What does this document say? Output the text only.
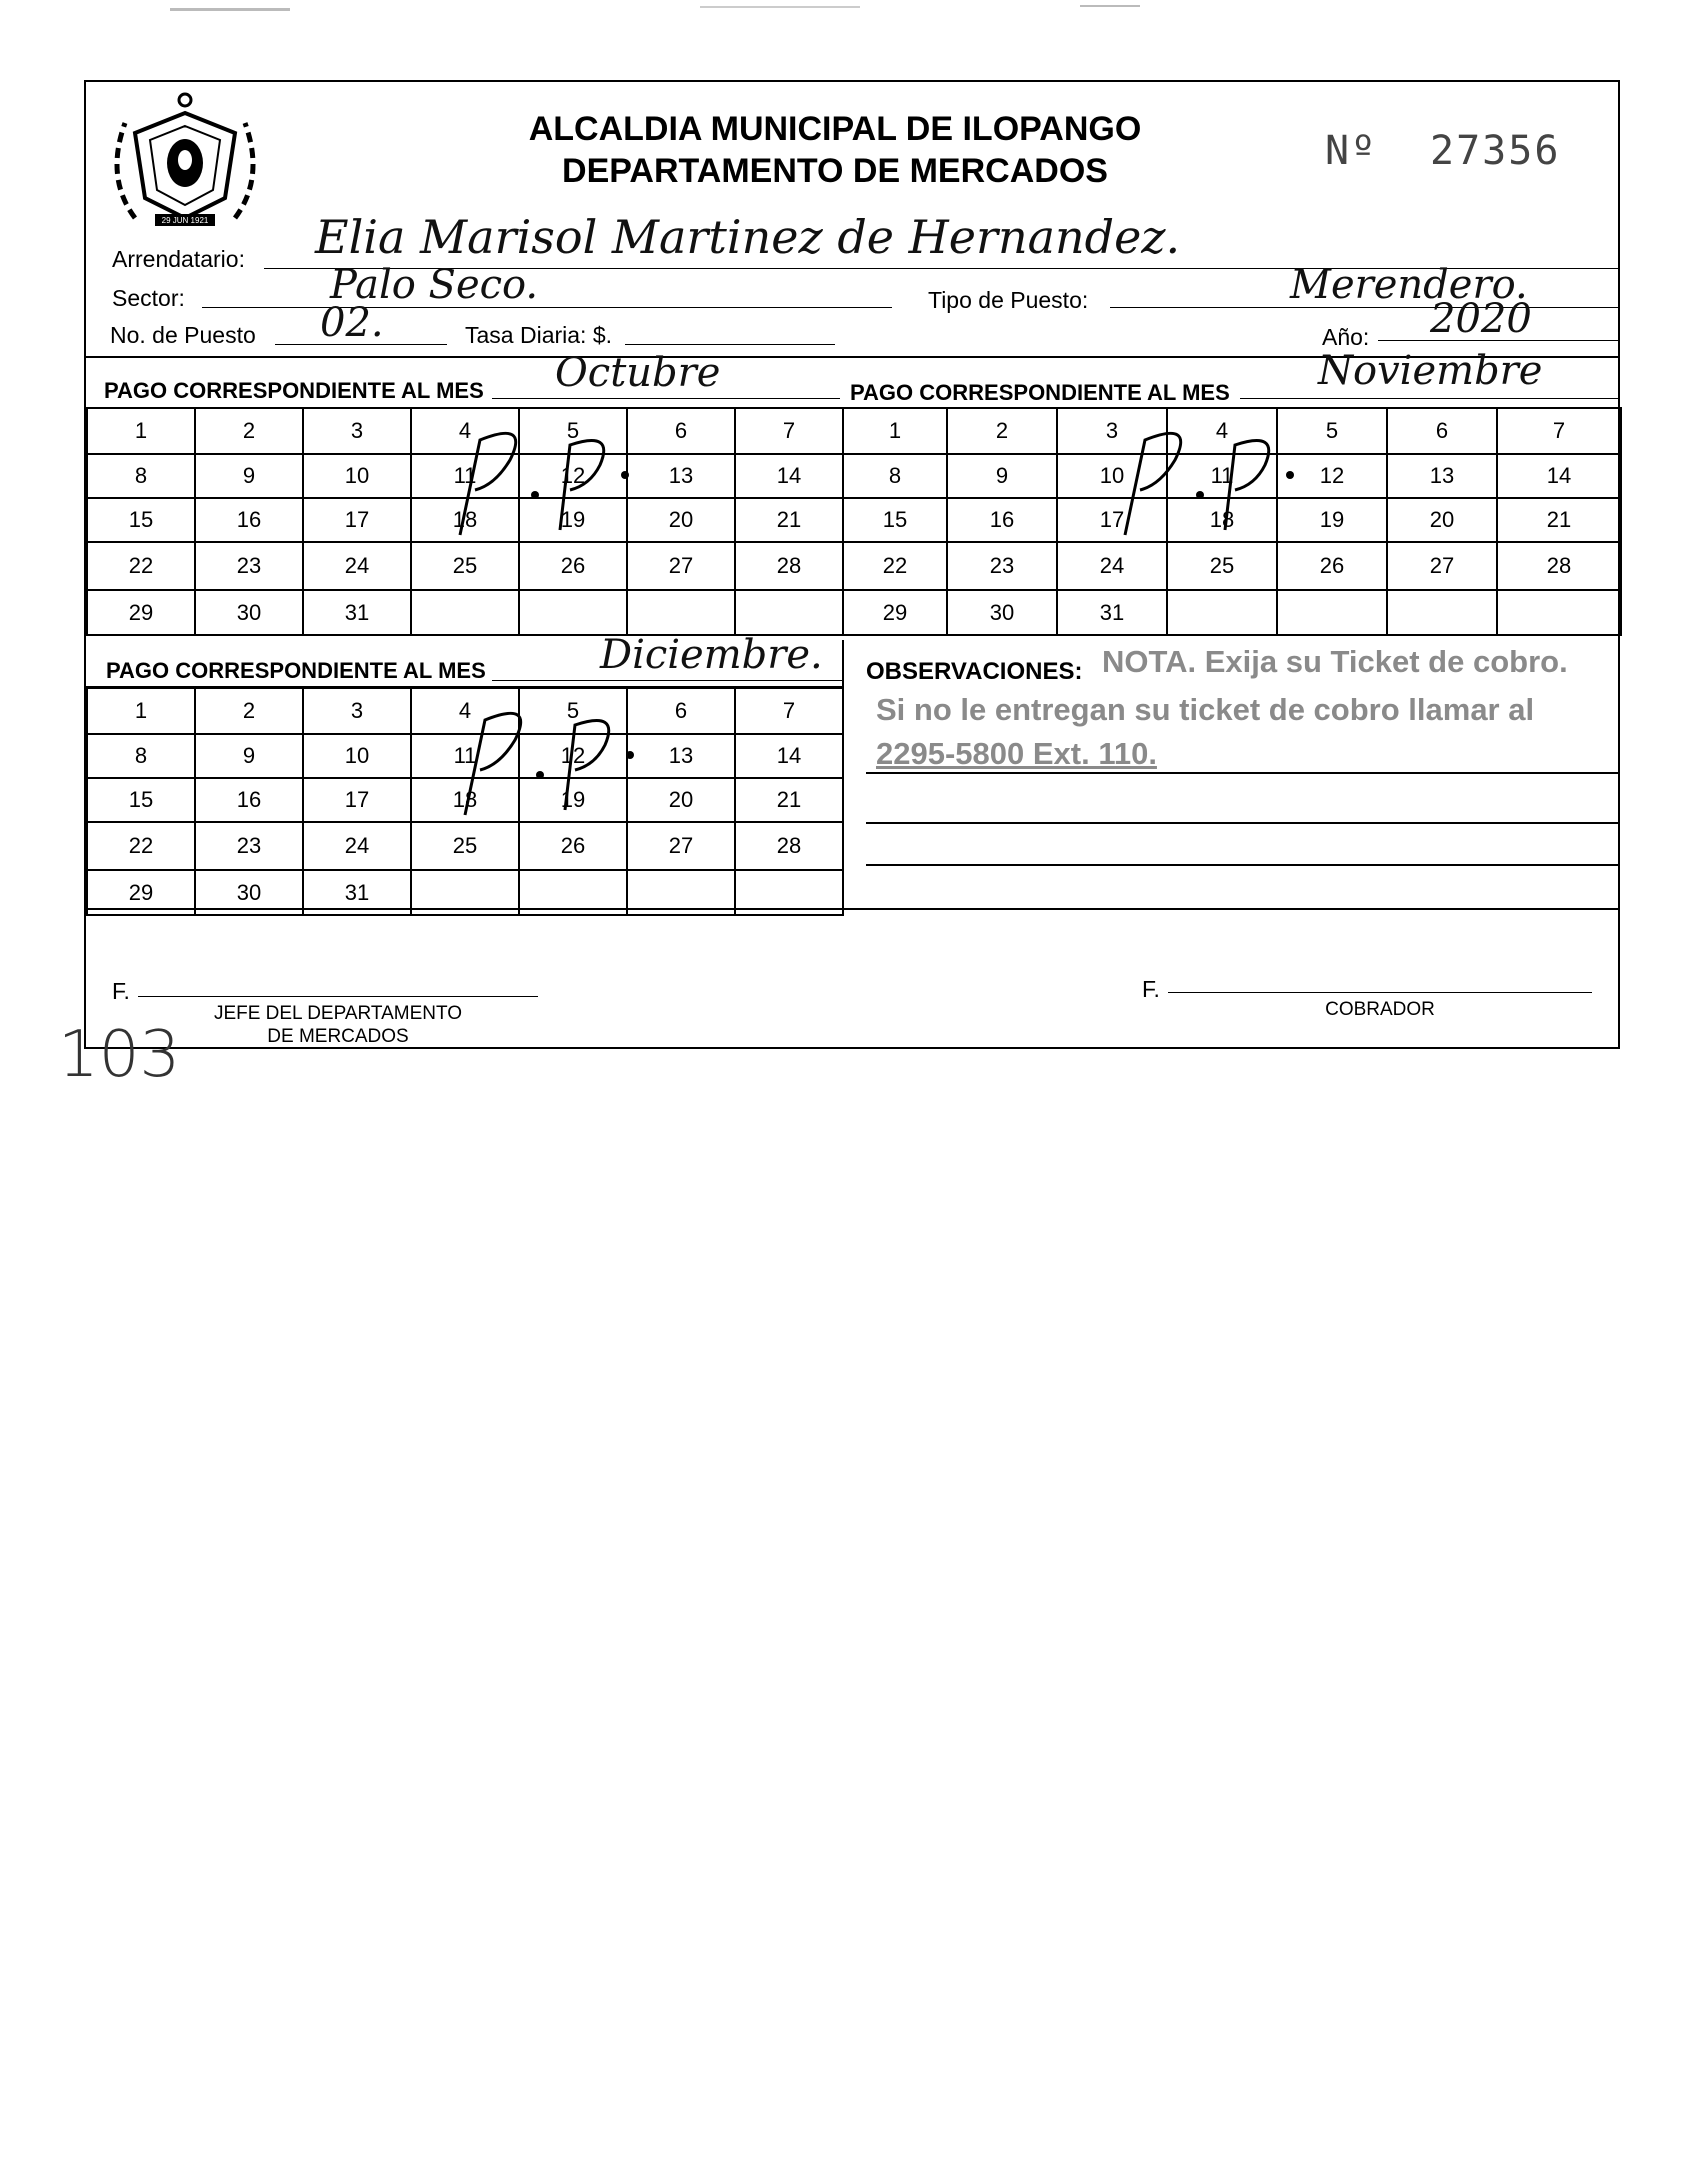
29 JUN 1921
ALCALDIA MUNICIPAL DE ILOPANGO
DEPARTAMENTO DE MERCADOS	Nº 27356
Arrendatario: Elia Marisol Martinez de Hernandez.
Sector:	Palo Seco.	Tipo de Puesto:	Merendero.
No. de Puesto 02.	Tasa Diaria: $.	Año: 2020
PAGO CORRESPONDIENTE AL MES Octubre
1	2	3	4	5	6	7
8	9	10	11	12	13	14
15	16	17	18	19	20	21
22	23	24	25	26	27	28
29	30	31				
PAGO CORRESPONDIENTE AL MES Noviembre
1	2	3	4	5	6	7
8	9	10	11	12	13	14
15	16	17	18	19	20	21
22	23	24	25	26	27	28
29	30	31				
PAGO CORRESPONDIENTE AL MES	Diciembre.
1	2	3	4	5	6	7
8	9	10	11	12	13	14
15	16	17	18	19	20	21
22	23	24	25	26	27	28
29	30	31				
OBSERVACIONES: NOTA. Exija su Ticket de cobro.
Si no le entregan su ticket de cobro llamar al
2295-5800 Ext. 110.
F.
JEFE DEL DEPARTAMENTO
DE MERCADOS
F.
COBRADOR
103
